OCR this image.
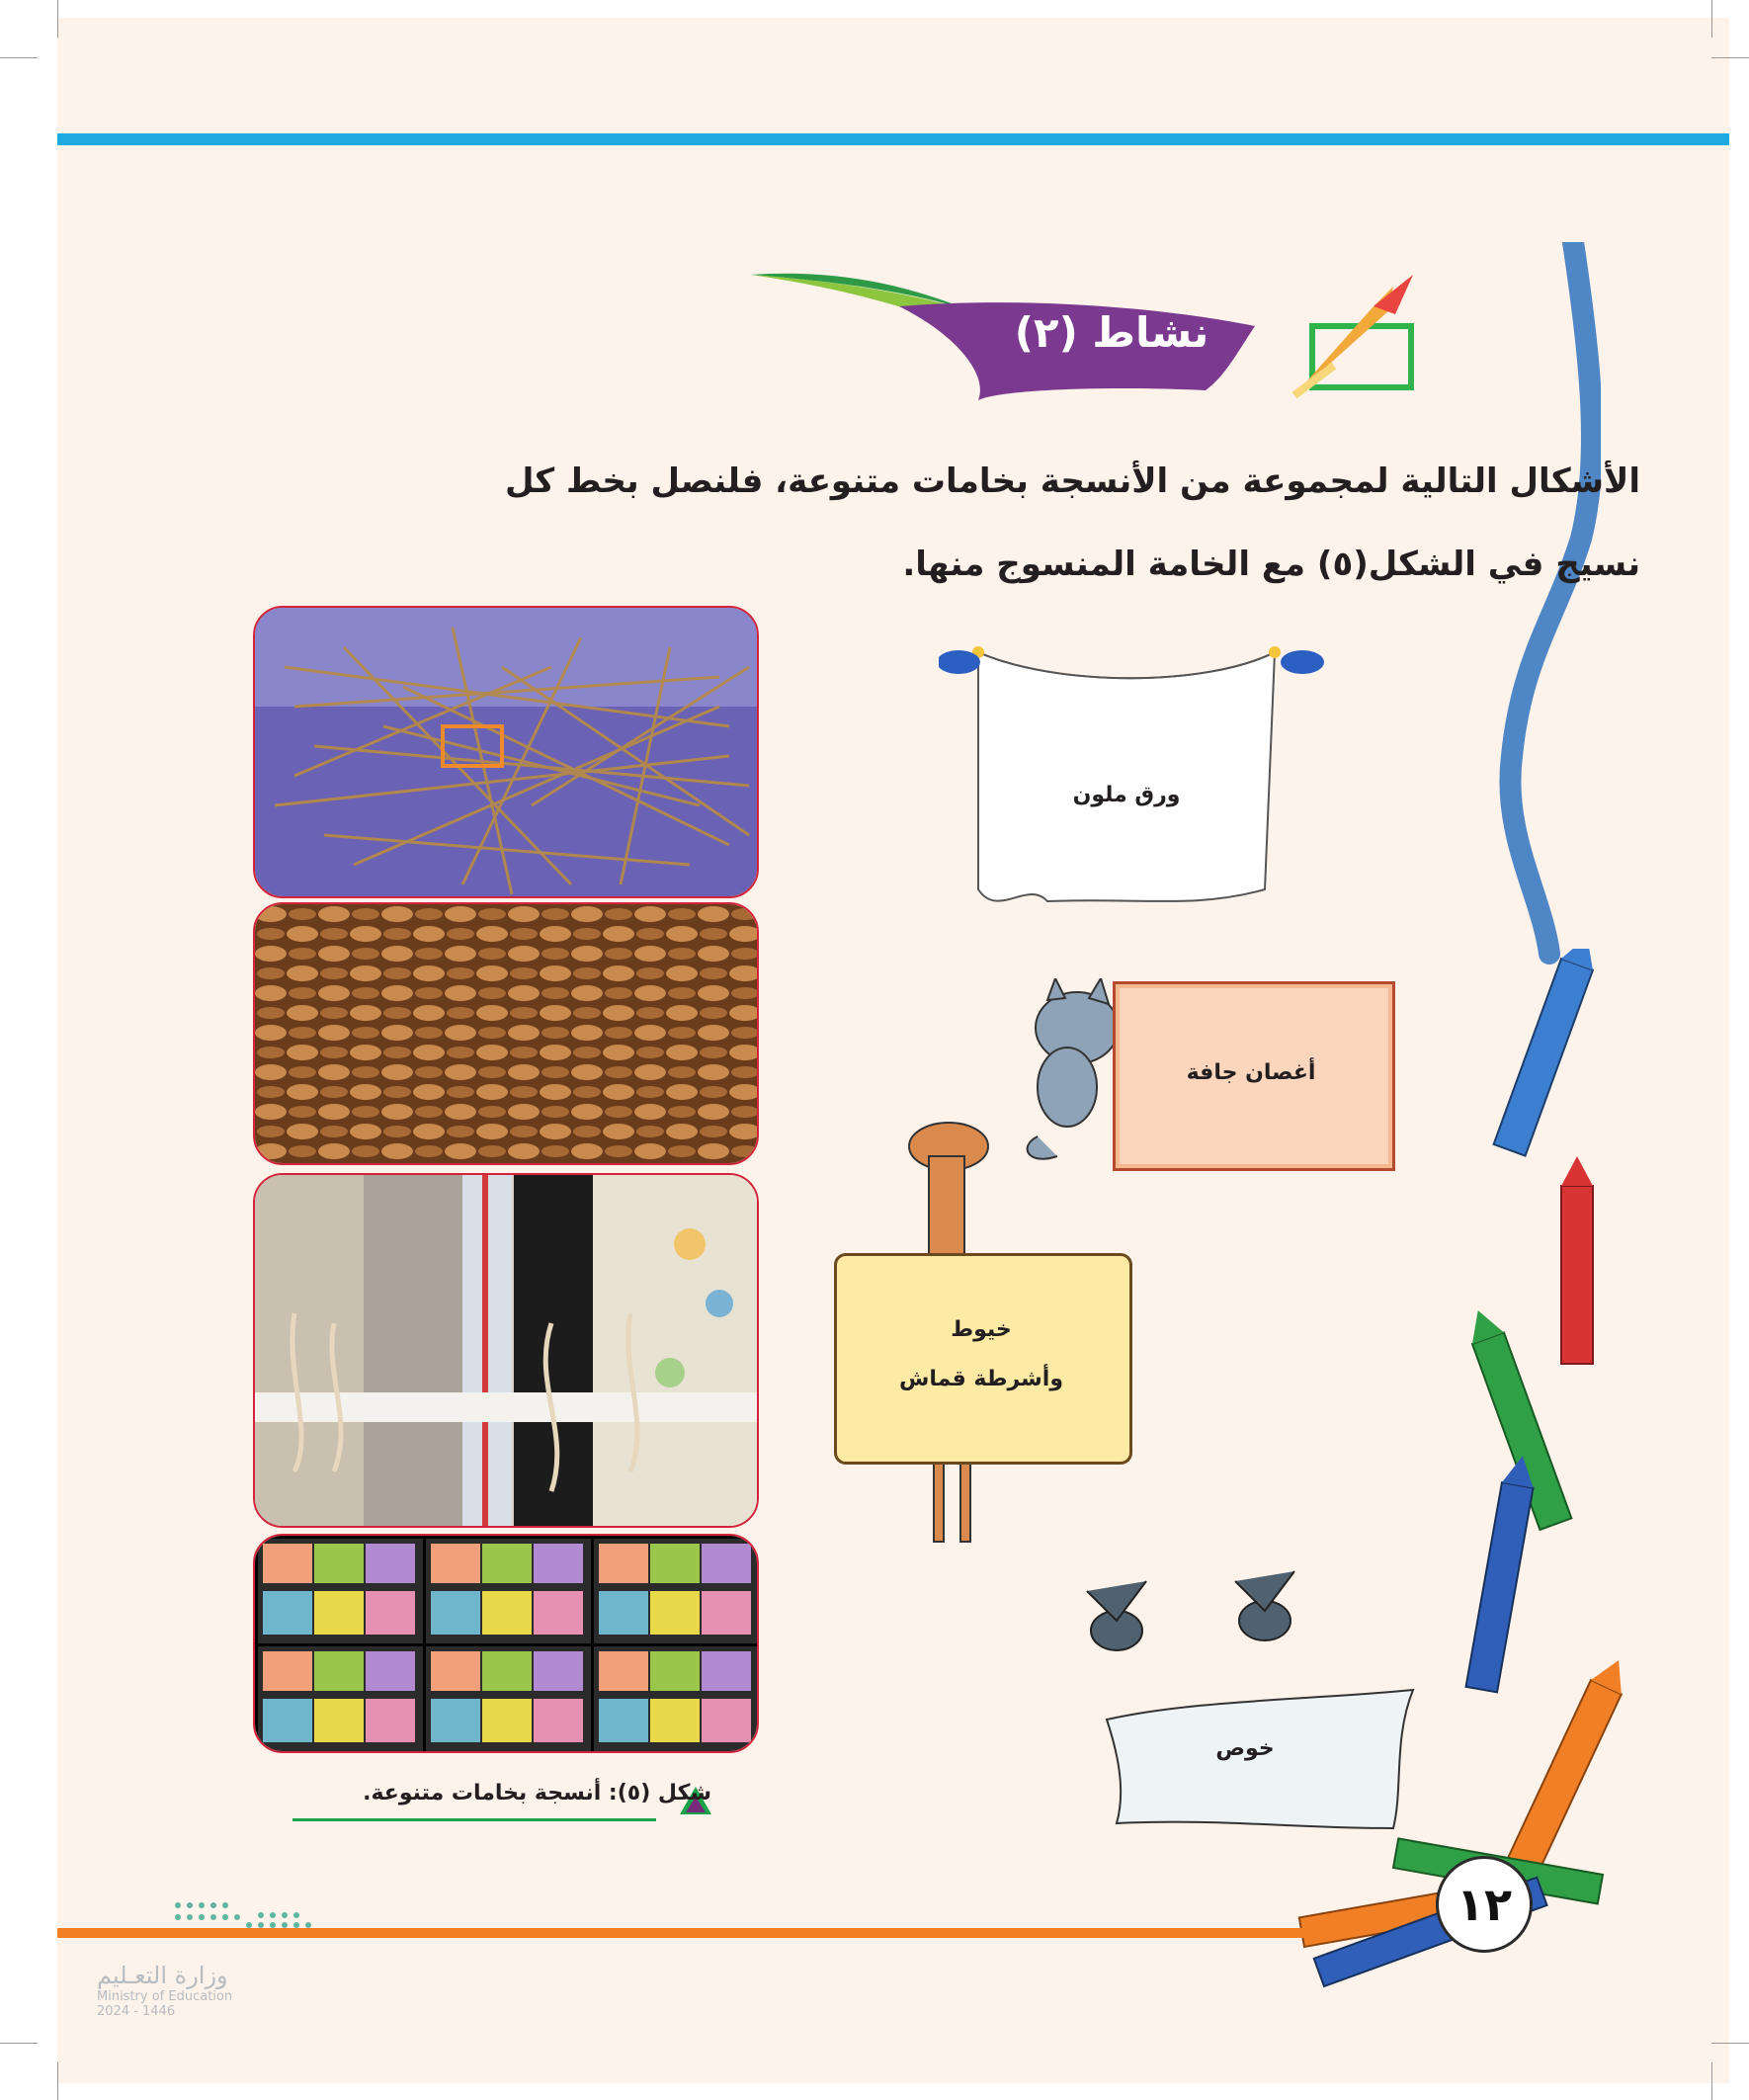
نشاط (٢)
الأشكال التالية لمجموعة من الأنسجة بخامات متنوعة، فلنصل بخط كل
نسيج في الشكل(٥) مع الخامة المنسوج منها.
شكل (٥): أنسجة بخامات متنوعة.
ورق ملون
أغصان جافة
خيوط
وأشرطة قماش
خوص
١٢
وزارة التعـليم
Ministry of Education
2024 - 1446
